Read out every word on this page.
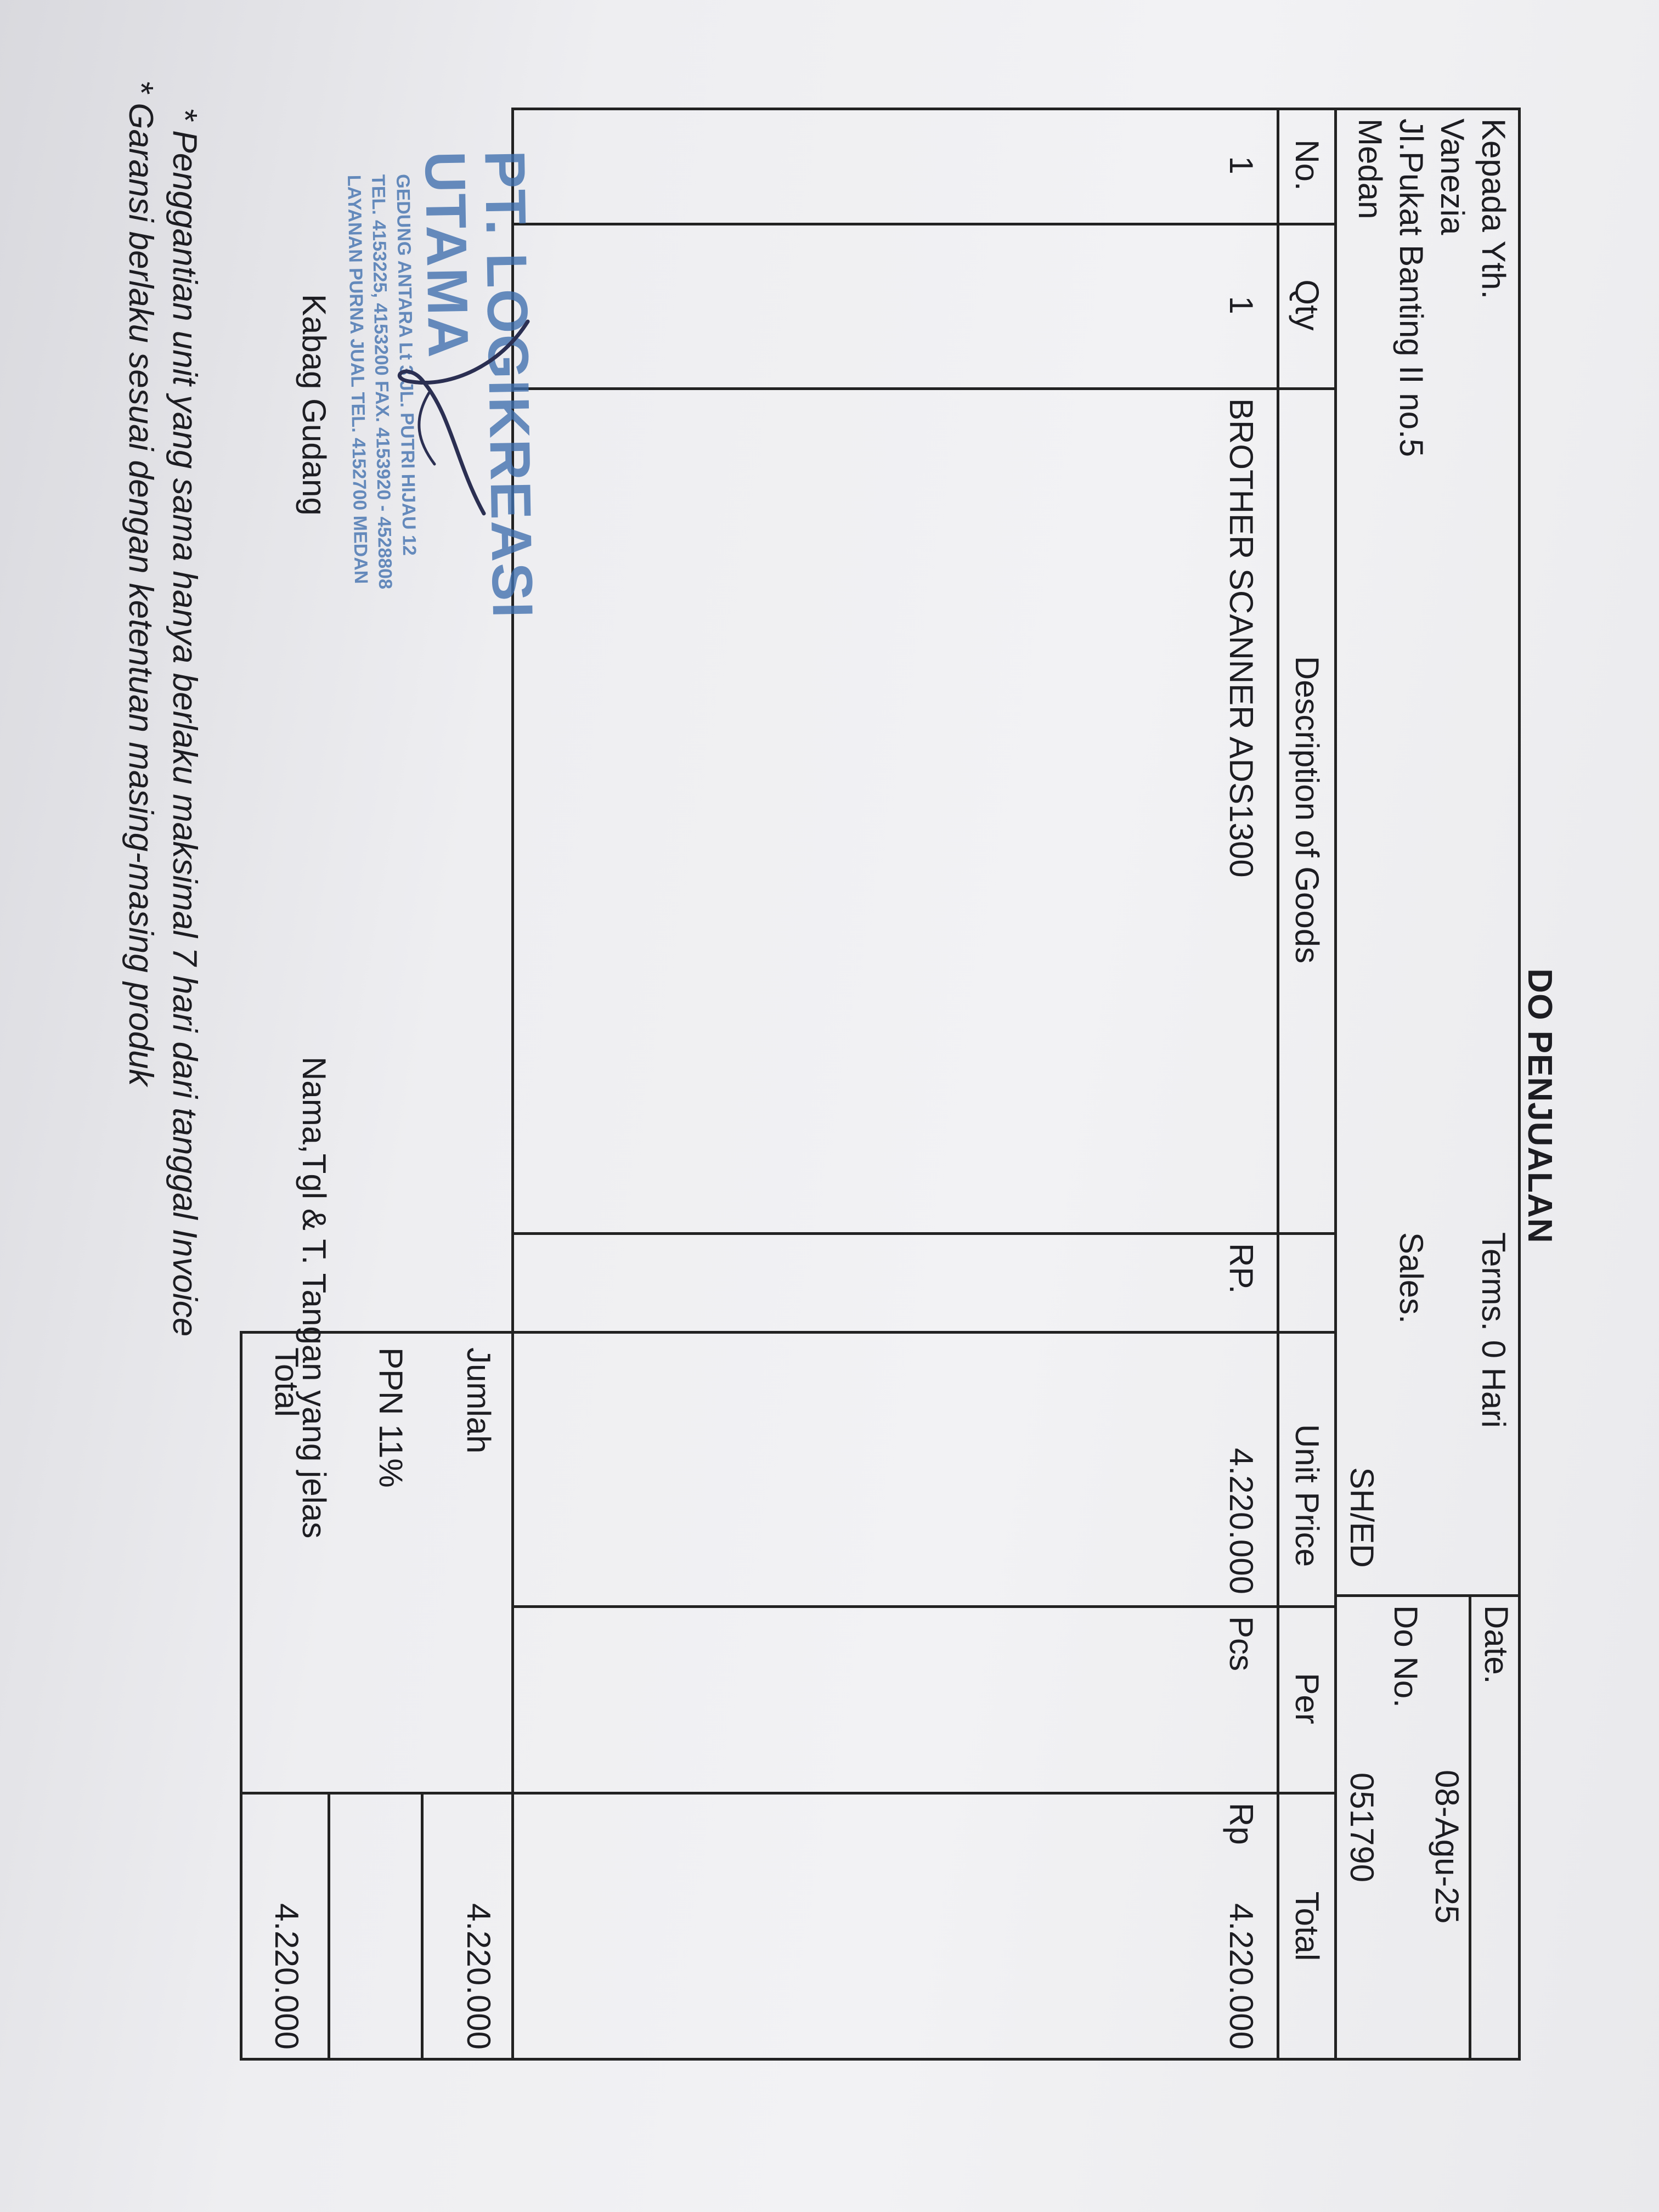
DO PENJUALAN
Kepada Yth.
Vanezia
Jl.Pukat Banting II no.5
Medan
Terms. 0 Hari
Sales.
SH/ED
Date.
08-Agu-25
Do No.
051790
No.
Qty
Description of Goods
Unit Price
Per
Total
1
1
BROTHER SCANNER ADS1300
RP.
4.220.000
Pcs
Rp
4.220.000
Jumlah
4.220.000
PPN 11%
Total
4.220.000
PT. LOGIKREASI UTAMA
GEDUNG ANTARA Lt 3 JL. PUTRI HIJAU 12
TEL. 4153225, 4153200 FAX. 4153920 - 4528808
LAYANAN PURNA JUAL TEL. 4152700 MEDAN
Kabag Gudang
Nama,Tgl & T. Tangan yang jelas
* Penggantian unit yang sama hanya berlaku maksimal 7 hari dari tanggal Invoice
* Garansi berlaku sesuai dengan ketentuan masing-masing produk
